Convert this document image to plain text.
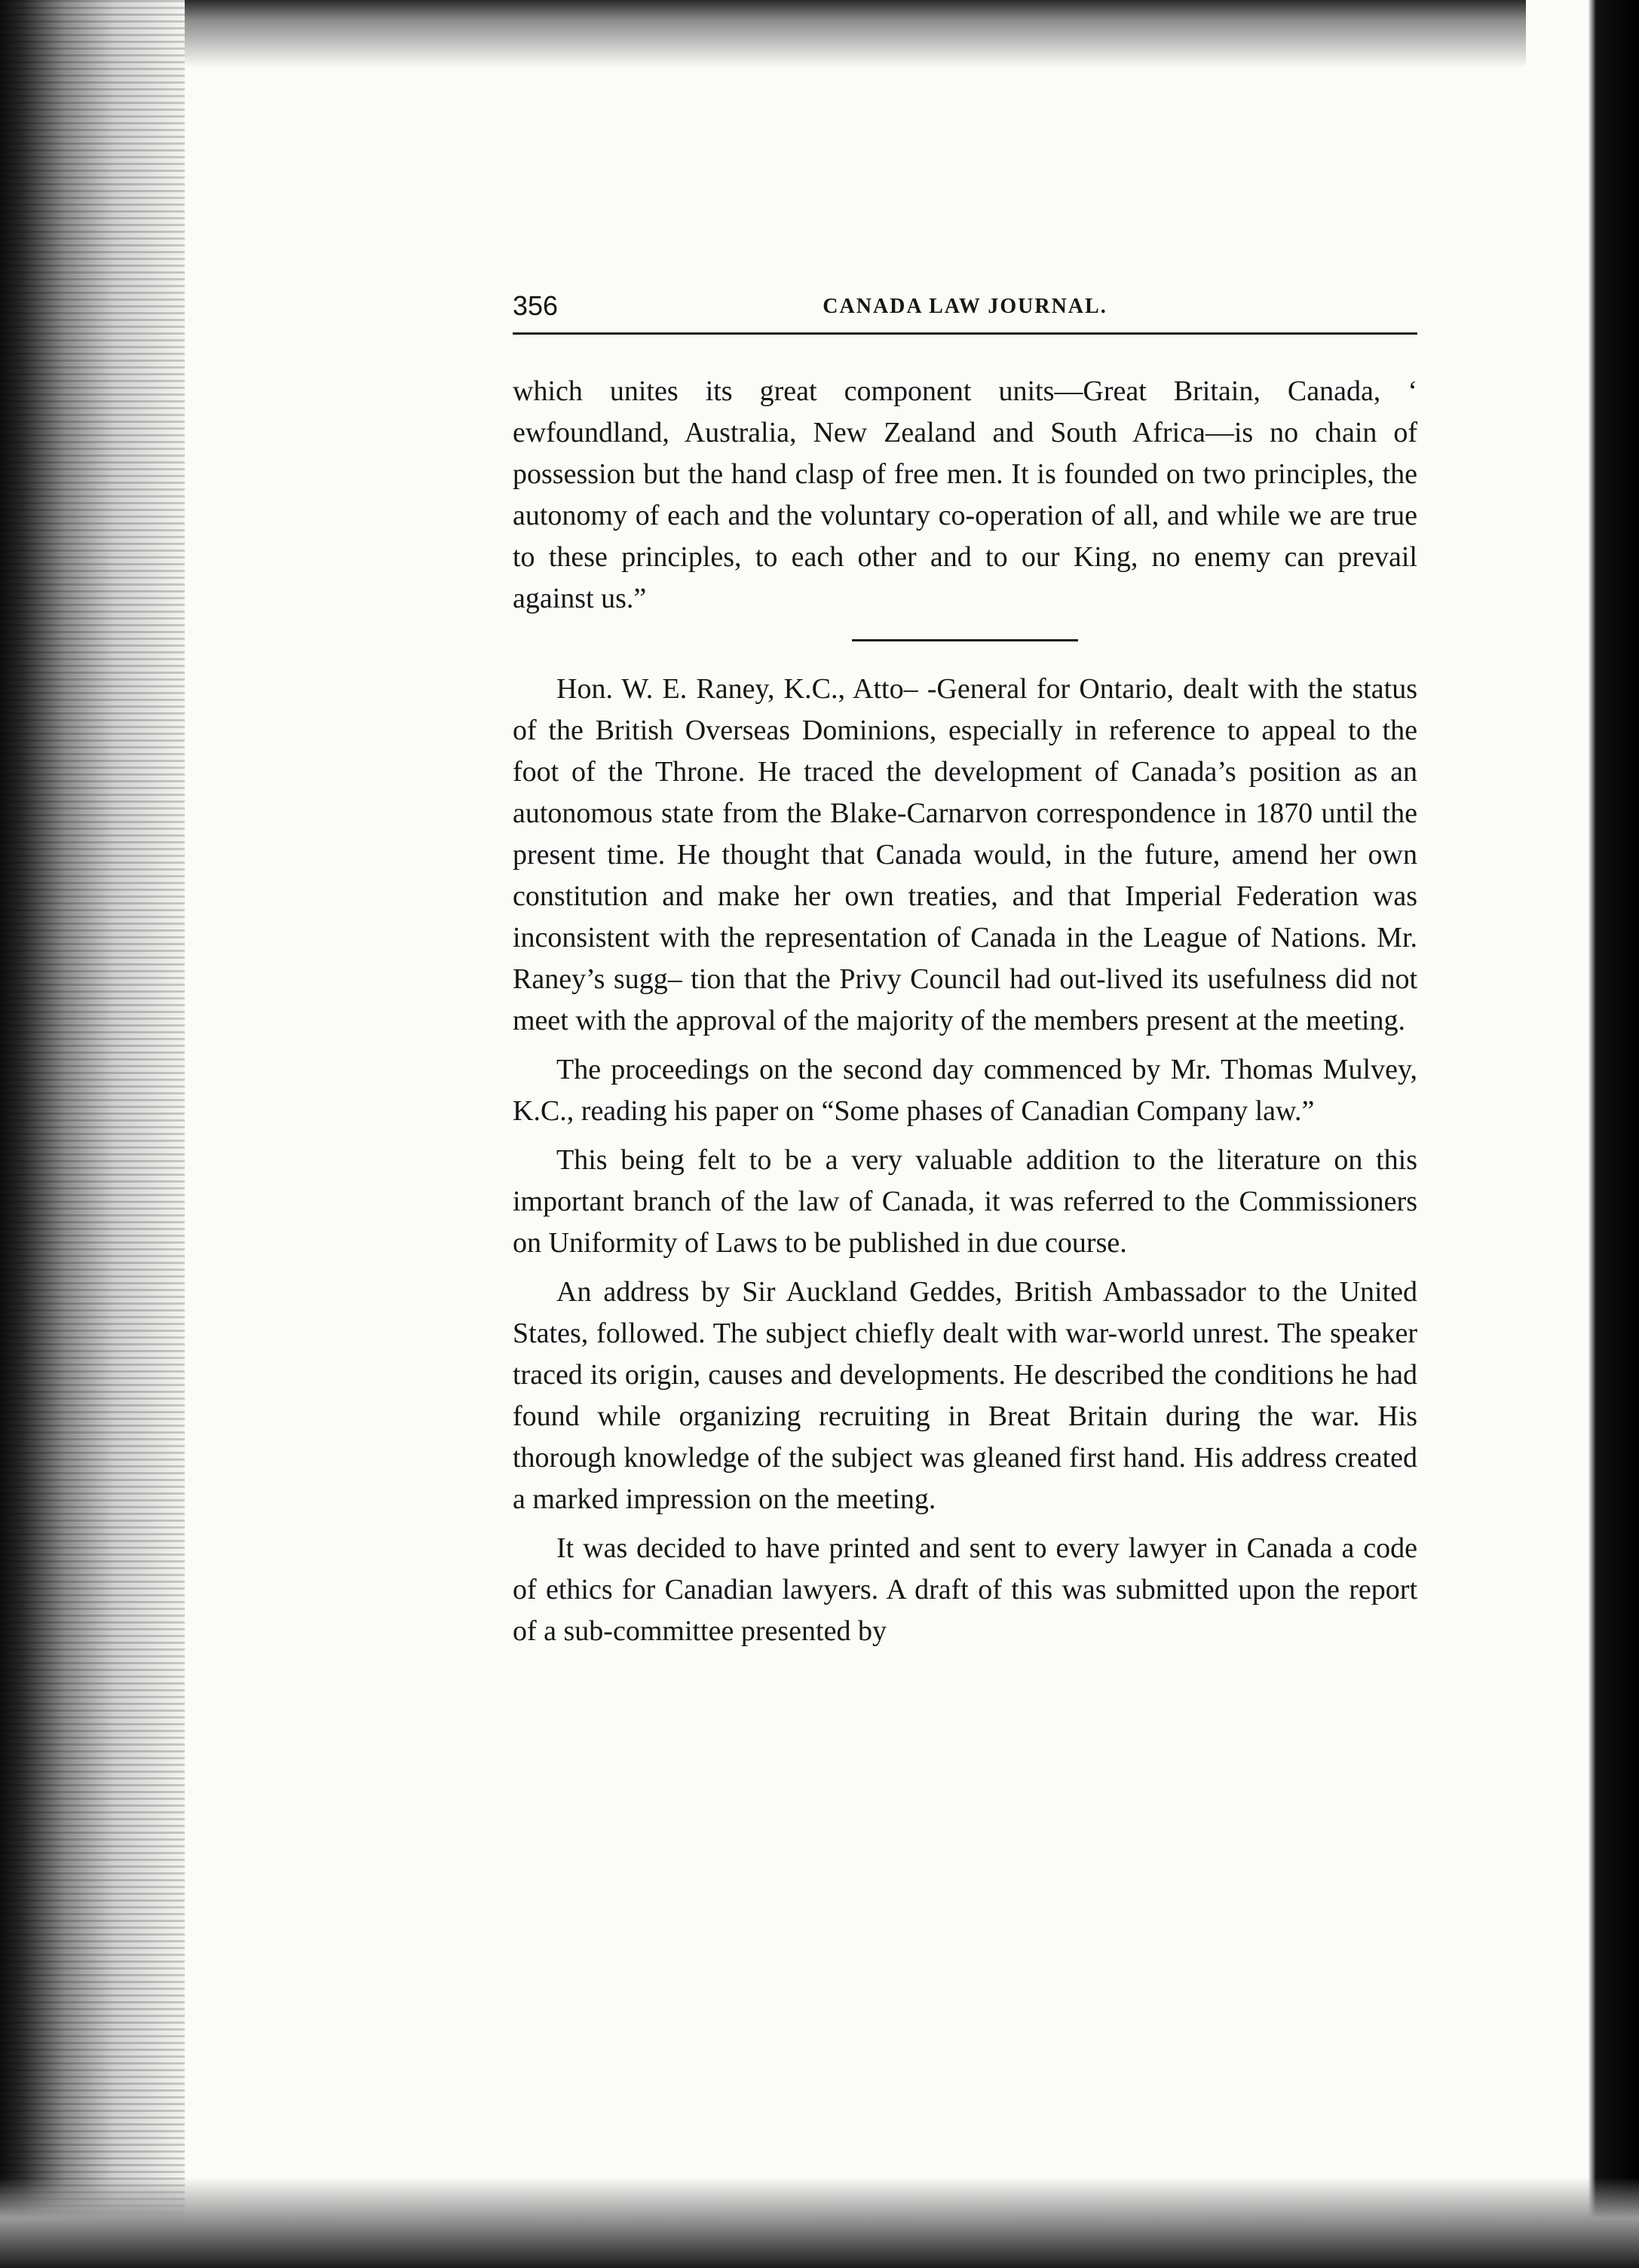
356	CANADA LAW JOURNAL.

which unites its great component units—Great Britain, Canada, ‘ ewfoundland, Australia, New Zealand and South Africa—is no chain of possession but the hand clasp of free men. It is founded on two principles, the autonomy of each and the voluntary co-operation of all, and while we are true to these principles, to each other and to our King, no enemy can prevail against us.”

Hon. W. E. Raney, K.C., Atto– -General for Ontario, dealt with the status of the British Overseas Dominions, especially in reference to appeal to the foot of the Throne. He traced the development of Canada’s position as an autonomous state from the Blake-Carnarvon correspondence in 1870 until the present time. He thought that Canada would, in the future, amend her own constitution and make her own treaties, and that Imperial Federation was inconsistent with the representation of Canada in the League of Nations. Mr. Raney’s sugg– tion that the Privy Council had out-lived its usefulness did not meet with the approval of the majority of the members present at the meeting.

The proceedings on the second day commenced by Mr. Thomas Mulvey, K.C., reading his paper on “Some phases of Canadian Company law.”

This being felt to be a very valuable addition to the literature on this important branch of the law of Canada, it was referred to the Commissioners on Uniformity of Laws to be published in due course.

An address by Sir Auckland Geddes, British Ambassador to the United States, followed. The subject chiefly dealt with war-world unrest. The speaker traced its origin, causes and developments. He described the conditions he had found while organizing recruiting in Breat Britain during the war. His thorough knowledge of the subject was gleaned first hand. His address created a marked impression on the meeting.

It was decided to have printed and sent to every lawyer in Canada a code of ethics for Canadian lawyers. A draft of this was submitted upon the report of a sub-committee presented by
